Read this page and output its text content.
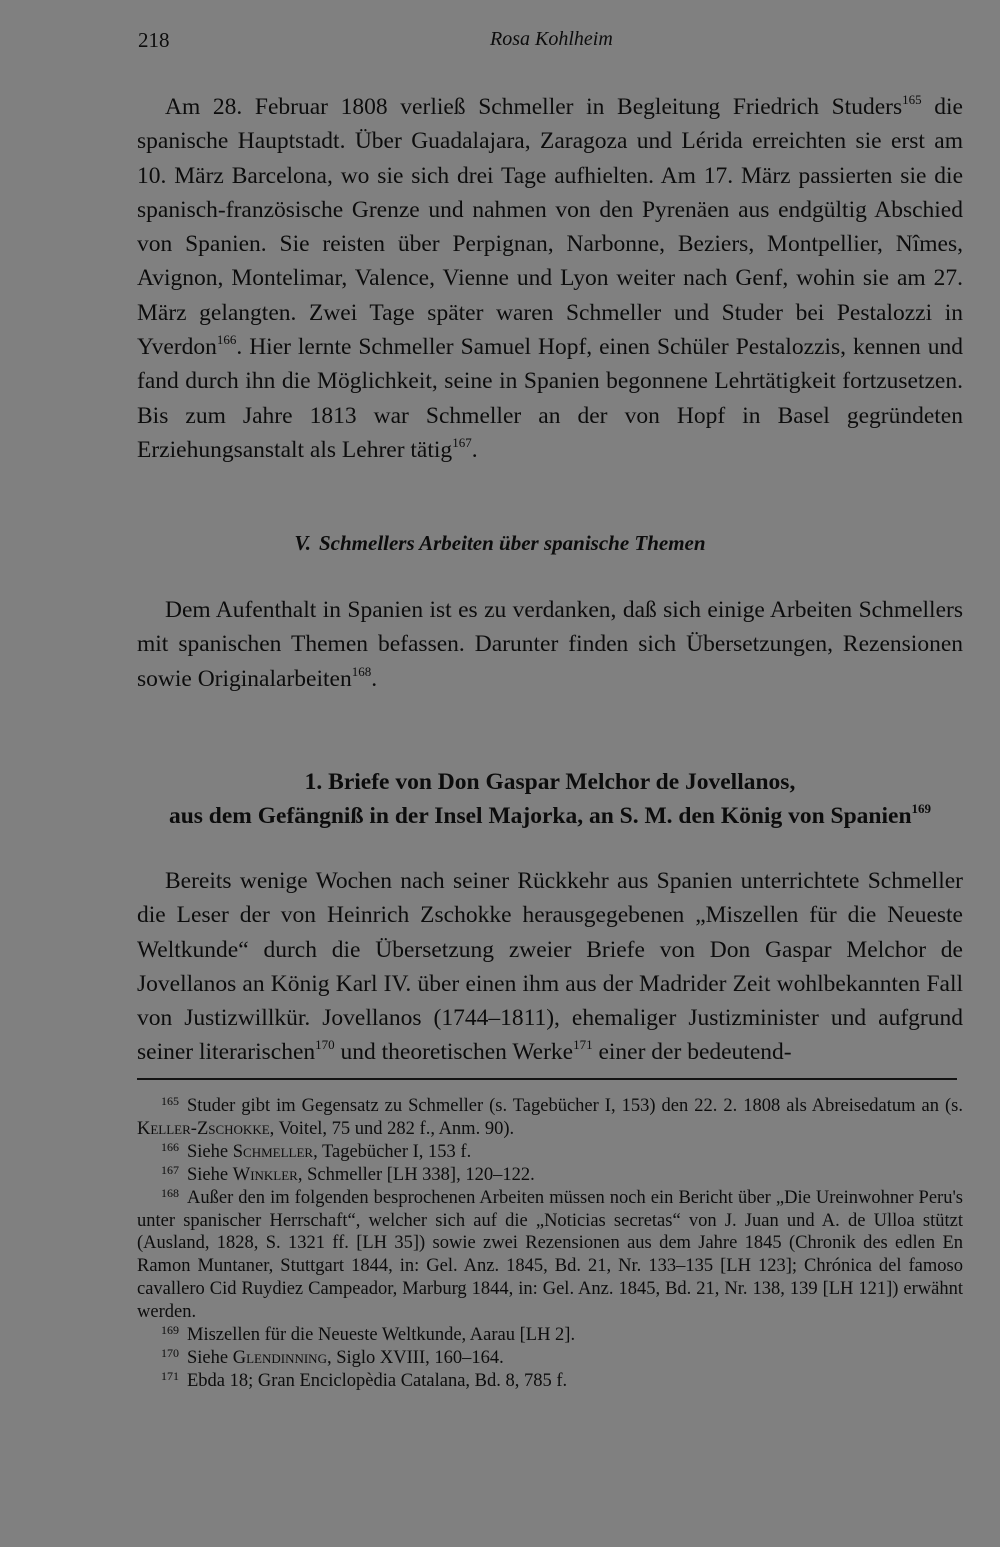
218	Rosa Kohlheim

Am 28. Februar 1808 verließ Schmeller in Begleitung Friedrich Studers$^{165}$ die spanische Hauptstadt. Über Guadalajara, Zaragoza und Lérida erreichten sie erst am 10. März Barcelona, wo sie sich drei Tage aufhielten. Am 17. März passierten sie die spanisch-französische Grenze und nahmen von den Pyrenäen aus endgültig Abschied von Spanien. Sie reisten über Perpignan, Narbonne, Beziers, Montpellier, Nîmes, Avignon, Montelimar, Valence, Vienne und Lyon weiter nach Genf, wohin sie am 27. März gelangten. Zwei Tage später waren Schmeller und Studer bei Pestalozzi in Yverdon$^{166}$. Hier lernte Schmeller Samuel Hopf, einen Schüler Pestalozzis, kennen und fand durch ihn die Möglichkeit, seine in Spanien begonnene Lehrtätigkeit fortzusetzen. Bis zum Jahre 1813 war Schmeller an der von Hopf in Basel gegründeten Erziehungsanstalt als Lehrer tätig$^{167}$.

V. Schmellers Arbeiten über spanische Themen

Dem Aufenthalt in Spanien ist es zu verdanken, daß sich einige Arbeiten Schmellers mit spanischen Themen befassen. Darunter finden sich Übersetzungen, Rezensionen sowie Originalarbeiten$^{168}$.

1. Briefe von Don Gaspar Melchor de Jovellanos,
aus dem Gefängniß in der Insel Majorka, an S. M. den König von Spanien$^{169}$

Bereits wenige Wochen nach seiner Rückkehr aus Spanien unterrichtete Schmeller die Leser der von Heinrich Zschokke herausgegebenen „Miszellen für die Neueste Weltkunde“ durch die Übersetzung zweier Briefe von Don Gaspar Melchor de Jovellanos an König Karl IV. über einen ihm aus der Madrider Zeit wohlbekannten Fall von Justizwillkür. Jovellanos (1744–1811), ehemaliger Justizminister und aufgrund seiner literarischen$^{170}$ und theoretischen Werke$^{171}$ einer der bedeutend-

$^{165}$ Studer gibt im Gegensatz zu Schmeller (s. Tagebücher I, 153) den 22. 2. 1808 als Abreisedatum an (s. Keller-Zschokke, Voitel, 75 und 282 f., Anm. 90).

$^{166}$ Siehe Schmeller, Tagebücher I, 153 f.

$^{167}$ Siehe Winkler, Schmeller [LH 338], 120–122.

$^{168}$ Außer den im folgenden besprochenen Arbeiten müssen noch ein Bericht über „Die Ureinwohner Peru's unter spanischer Herrschaft“, welcher sich auf die „Noticias secretas“ von J. Juan und A. de Ulloa stützt (Ausland, 1828, S. 1321 ff. [LH 35]) sowie zwei Rezensionen aus dem Jahre 1845 (Chronik des edlen En Ramon Muntaner, Stuttgart 1844, in: Gel. Anz. 1845, Bd. 21, Nr. 133–135 [LH 123]; Chrónica del famoso cavallero Cid Ruydiez Campeador, Marburg 1844, in: Gel. Anz. 1845, Bd. 21, Nr. 138, 139 [LH 121]) erwähnt werden.

$^{169}$ Miszellen für die Neueste Weltkunde, Aarau [LH 2].

$^{170}$ Siehe Glendinning, Siglo XVIII, 160–164.

$^{171}$ Ebda 18; Gran Enciclopèdia Catalana, Bd. 8, 785 f.
